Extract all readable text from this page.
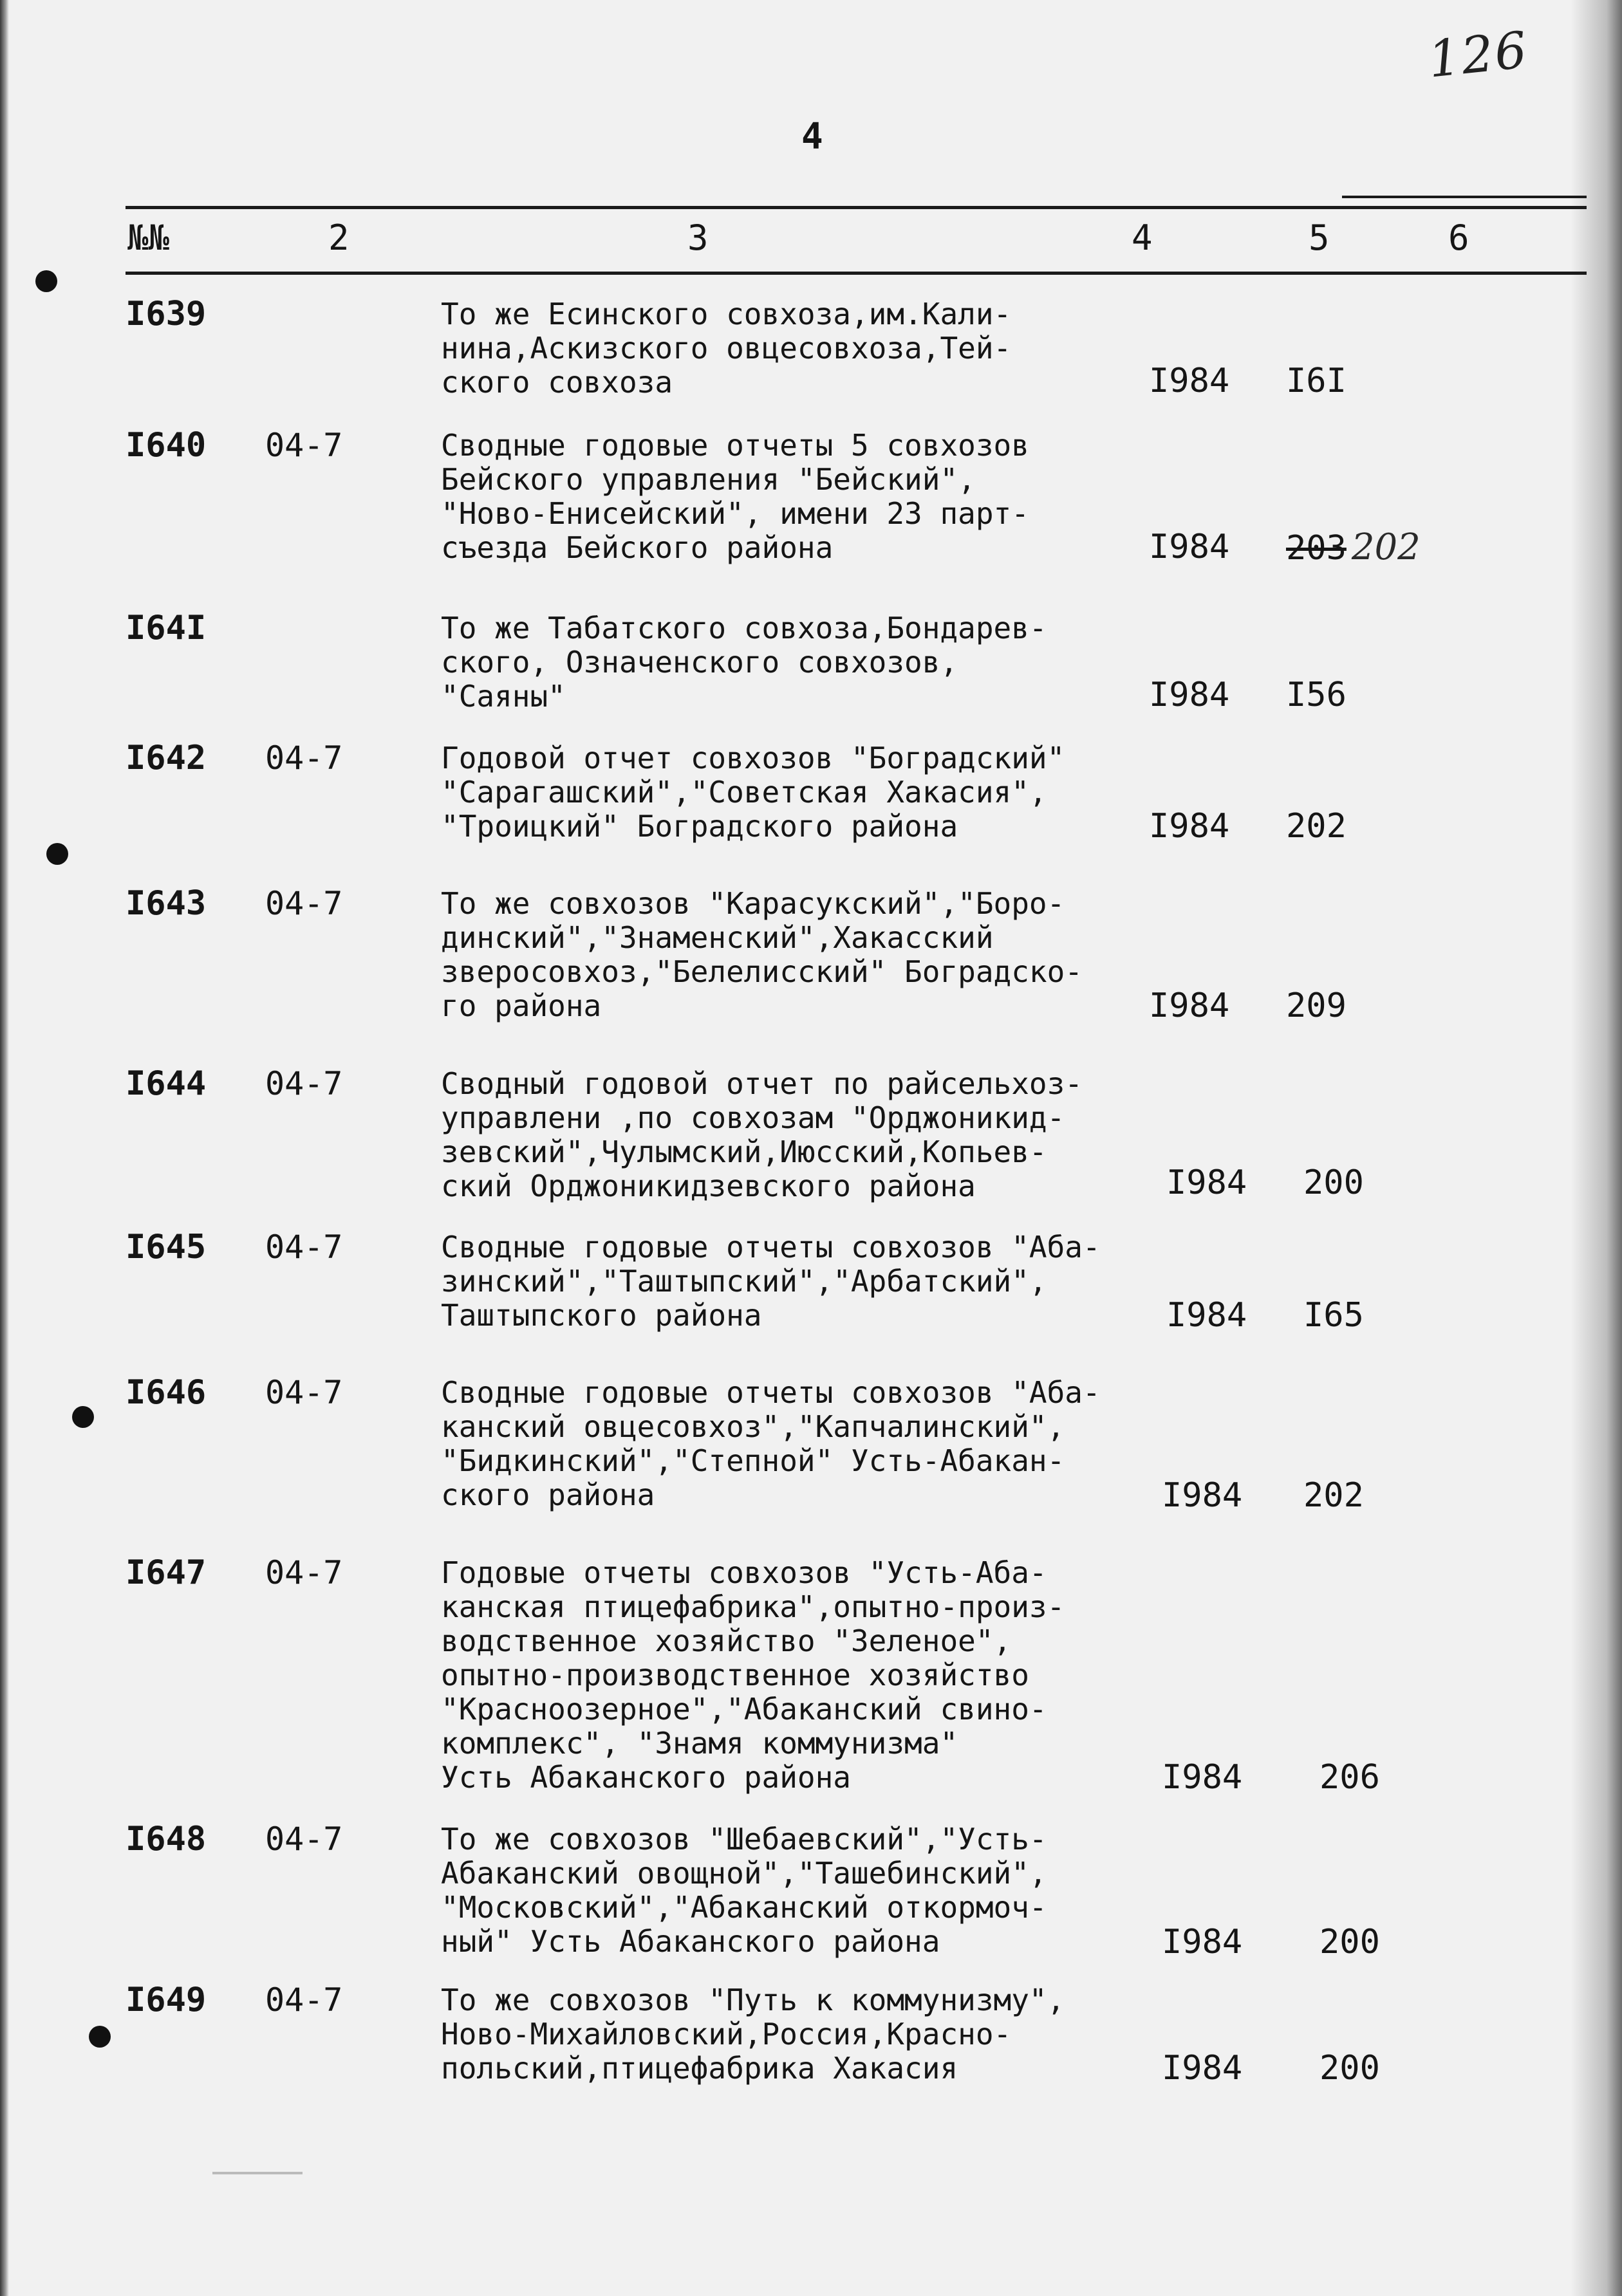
126
4
№№	2	3	4	5	6
I639	То же Есинского совхоза,им.Кали-
нина,Аскизского овцесовхоза,Тей-
ского совхоза	I984 I6I
I640 04-7	Сводные годовые отчеты 5 совхозов
Бейского управления "Бейский",
"Ново-Енисейский", имени 23 парт-
съезда Бейского района	I984 203 202
I64I	То же Табатского совхоза,Бондарев-
ского, Означенского совхозов,
"Саяны"	I984 I56
I642 04-7	Годовой отчет совхозов "Боградский"
"Сарагашский","Советская Хакасия",
"Троицкий" Боградского района	I984 202
I643 04-7	То же совхозов "Карасукский","Боро-
динский","Знаменский",Хакасский
зверосовхоз,"Белелисский" Боградско-
го района	I984 209
I644 04-7	Сводный годовой отчет по райсельхоз-
управлени ,по совхозам "Орджоникид-
зевский",Чулымский,Июсский,Копьев-
ский Орджоникидзевского района	I984 200
I645 04-7	Сводные годовые отчеты совхозов "Аба-
зинский","Таштыпский","Арбатский",
Таштыпского района	I984 I65
I646 04-7	Сводные годовые отчеты совхозов "Аба-
канский овцесовхоз","Капчалинский",
"Бидкинский","Степной" Усть-Абакан-
ского района	I984 202
I647 04-7	Годовые отчеты совхозов "Усть-Аба-
канская птицефабрика",опытно-произ-
водственное хозяйство "Зеленое",
опытно-производственное хозяйство
"Красноозерное","Абаканский свино-
комплекс", "Знамя коммунизма"
Усть Абаканского района	I984 206
I648 04-7	То же совхозов "Шебаевский","Усть-
Абаканский овощной","Ташебинский",
"Московский","Абаканский откормоч-
ный" Усть Абаканского района	I984 200
I649 04-7	То же совхозов "Путь к коммунизму",
Ново-Михайловский,Россия,Красно-
польский,птицефабрика Хакасия	I984 200
